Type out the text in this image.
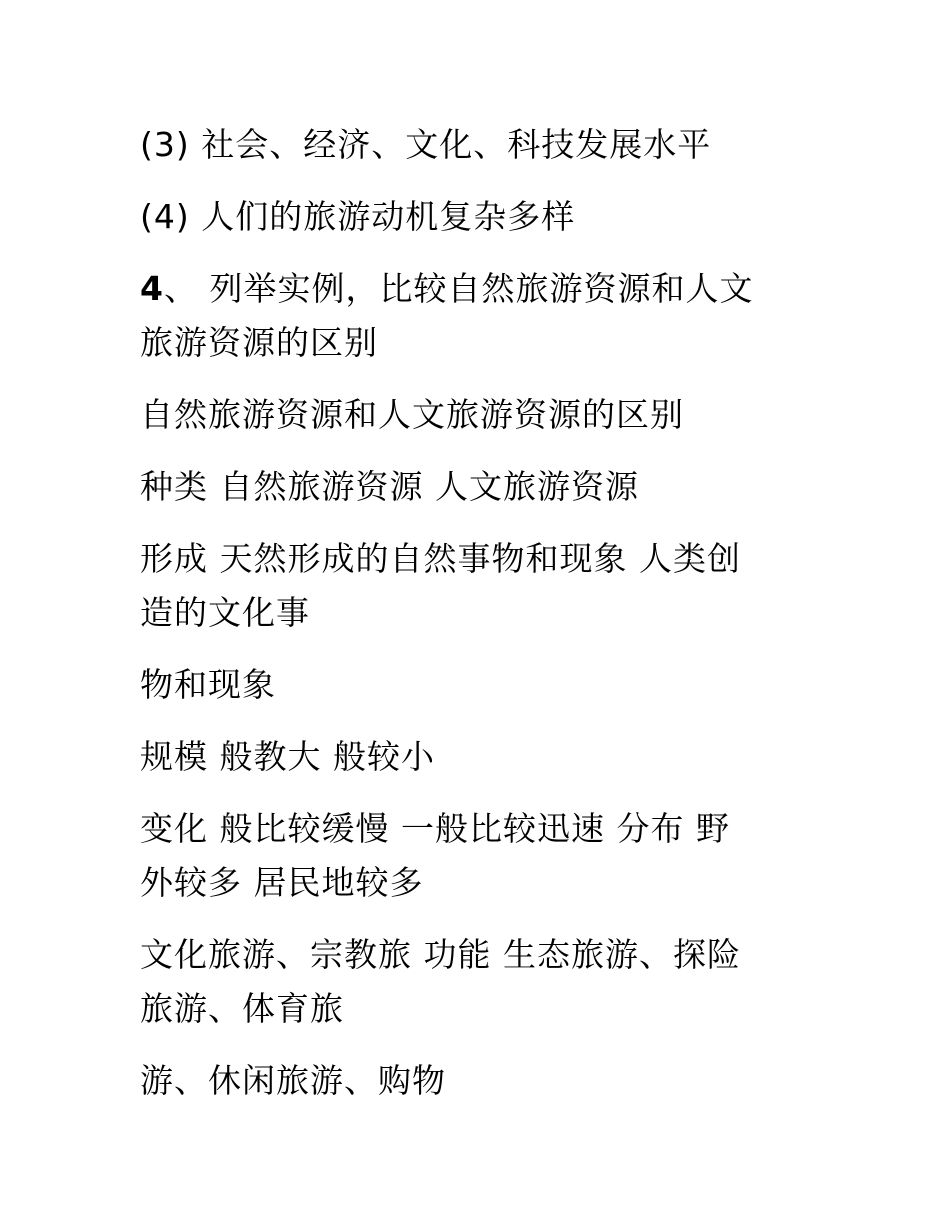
(3) 社会、经济、文化、科技发展水平

(4) 人们的旅游动机复杂多样

4、 列举实例，比较自然旅游资源和人文
旅游资源的区别

自然旅游资源和人文旅游资源的区别

种类 自然旅游资源 人文旅游资源

形成 天然形成的自然事物和现象 人类创
造的文化事

物和现象

规模 般教大 般较小

变化 般比较缓慢 一般比较迅速 分布 野
外较多 居民地较多

文化旅游、宗教旅 功能 生态旅游、探险
旅游、体育旅

游、休闲旅游、购物
